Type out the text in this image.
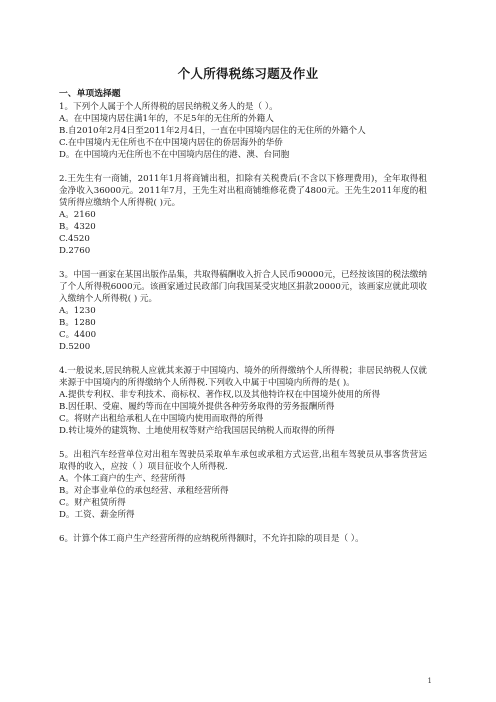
个人所得税练习题及作业
一、单项选择题

1。下列个人属于个人所得税的居民纳税义务人的是（ ）。

A。在中国境内居住满1年的，不足5年的无住所的外籍人

B.自2010年2月4日至2011年2月4日，一直在中国境内居住的无住所的外籍个人

C.在中国境内无住所也不在中国境内居住的侨居海外的华侨

D。在中国境内无住所也不在中国境内居住的港、澳、台同胞

2.王先生有一商铺，2011年1月将商铺出租，扣除有关税费后(不含以下修理费用)，全年取得租金净收入36000元。2011年7月，王先生对出租商铺维修花费了4800元。王先生2011年度的租赁所得应缴纳个人所得税( )元。

A。2160

B。4320

C.4520

D.2760

3。中国一画家在某国出版作品集，共取得稿酬收入折合人民币90000元，已经按该国的税法缴纳了个人所得税6000元。该画家通过民政部门向我国某受灾地区捐款20000元，该画家应就此项收入缴纳个人所得税( ) 元。

A。1230

B。1280

C。4400

D.5200

4.一般说来,居民纳税人应就其来源于中国境内、境外的所得缴纳个人所得税；非居民纳税人仅就来源于中国境内的所得缴纳个人所得税.下列收入中属于中国境内所得的是( )。

A.提供专利权、非专利技术、商标权、著作权,以及其他特许权在中国境外使用的所得

B.因任职、受雇、履约等而在中国境外提供各种劳务取得的劳务报酬所得

C。将财产出租给承租人在中国境内使用而取得的所得

D.转让境外的建筑物、土地使用权等财产给我国居民纳税人而取得的所得

5。出租汽车经营单位对出租车驾驶员采取单车承包或承租方式运营,出租车驾驶员从事客货营运取得的收入，应按（ ）项目征收个人所得税.

A。个体工商户的生产、经营所得

B。对企事业单位的承包经营、承租经营所得

C。财产租赁所得

D。工资、薪金所得

6。计算个体工商户生产经营所得的应纳税所得额时，不允许扣除的项目是（ ）。

1
